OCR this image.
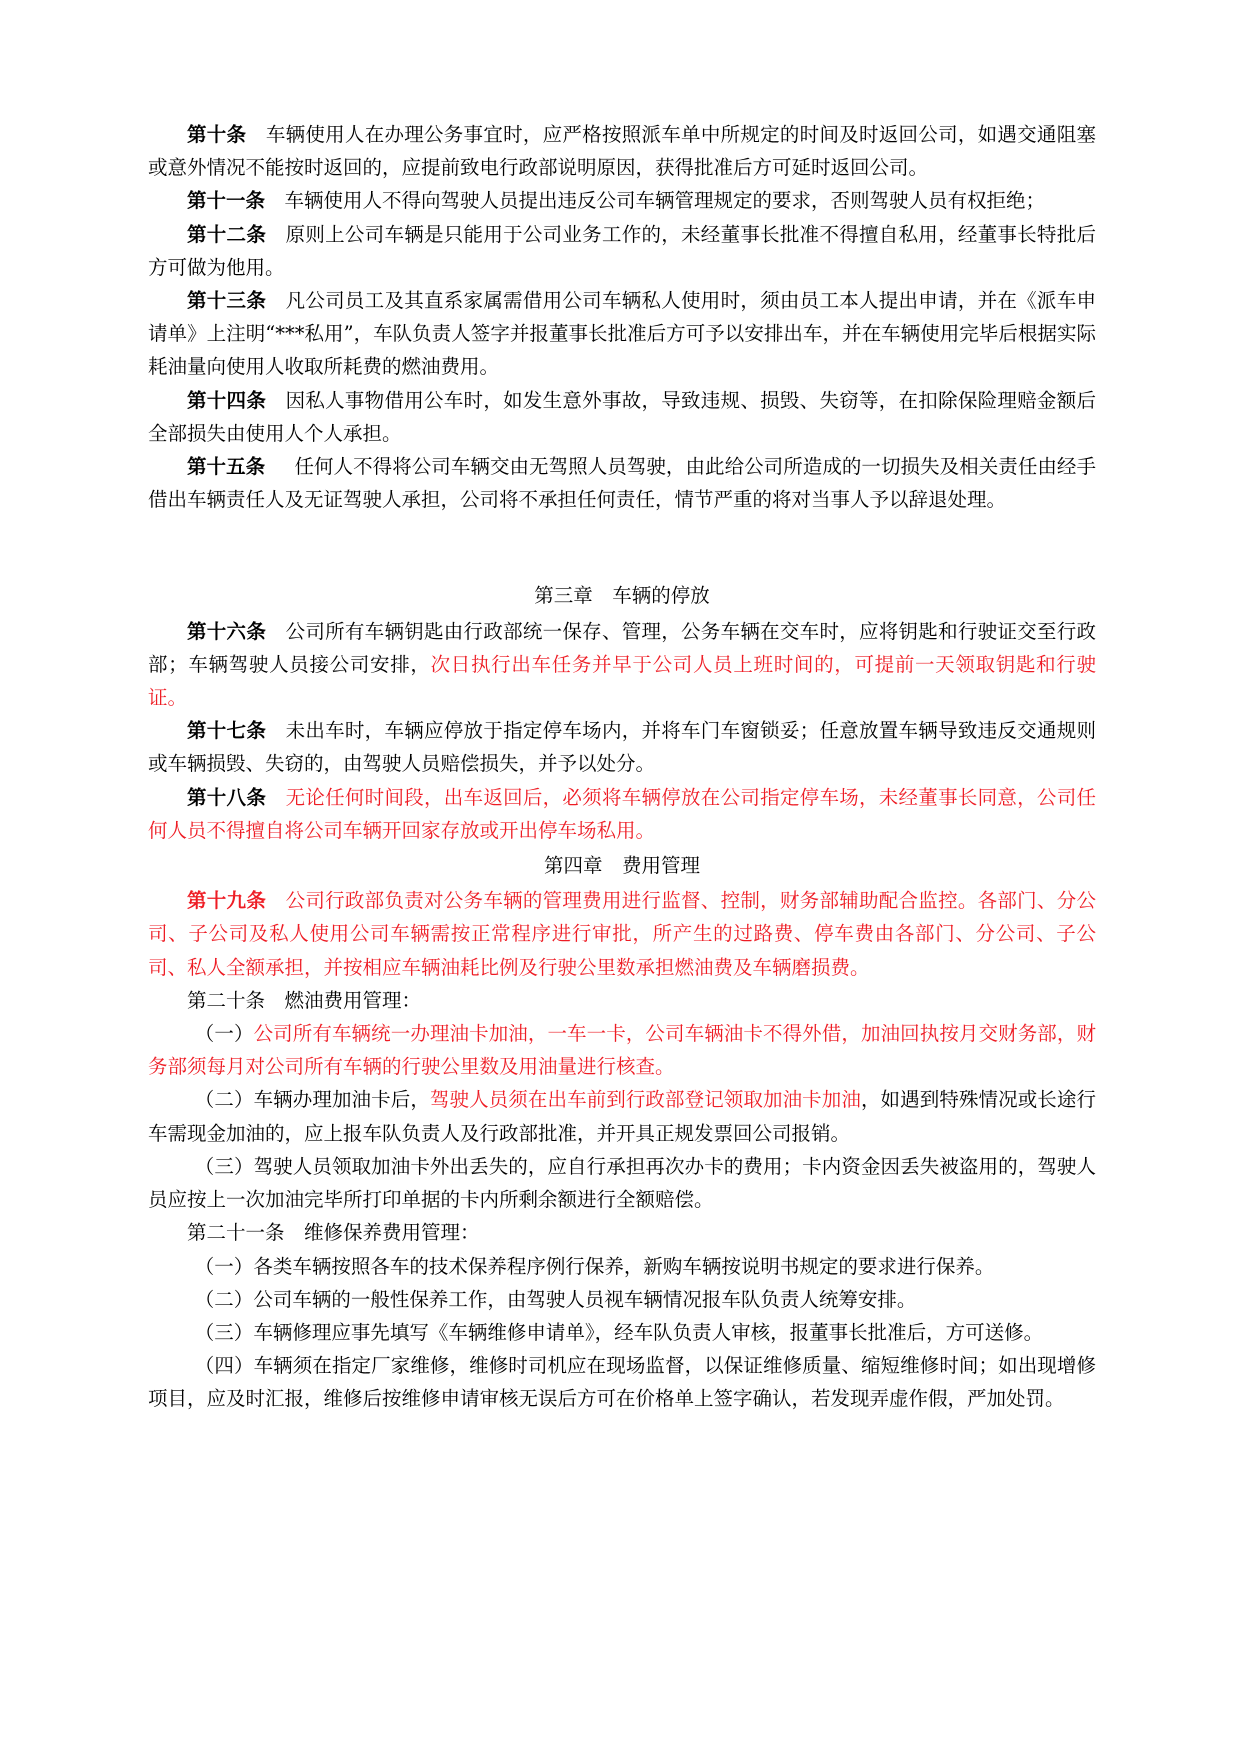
第十条 车辆使用人在办理公务事宜时，应严格按照派车单中所规定的时间及时返回公司，如遇交通阻塞或意外情况不能按时返回的，应提前致电行政部说明原因，获得批准后方可延时返回公司。

第十一条 车辆使用人不得向驾驶人员提出违反公司车辆管理规定的要求，否则驾驶人员有权拒绝；

第十二条 原则上公司车辆是只能用于公司业务工作的，未经董事长批准不得擅自私用，经董事长特批后方可做为他用。

第十三条 凡公司员工及其直系家属需借用公司车辆私人使用时，须由员工本人提出申请，并在《派车申请单》上注明“***私用”，车队负责人签字并报董事长批准后方可予以安排出车，并在车辆使用完毕后根据实际耗油量向使用人收取所耗费的燃油费用。

第十四条 因私人事物借用公车时，如发生意外事故，导致违规、损毁、失窃等，在扣除保险理赔金额后全部损失由使用人个人承担。

第十五条 任何人不得将公司车辆交由无驾照人员驾驶，由此给公司所造成的一切损失及相关责任由经手借出车辆责任人及无证驾驶人承担，公司将不承担任何责任，情节严重的将对当事人予以辞退处理。

第三章　车辆的停放

第十六条 公司所有车辆钥匙由行政部统一保存、管理，公务车辆在交车时，应将钥匙和行驶证交至行政部；车辆驾驶人员接公司安排，次日执行出车任务并早于公司人员上班时间的，可提前一天领取钥匙和行驶证。

第十七条 未出车时，车辆应停放于指定停车场内，并将车门车窗锁妥；任意放置车辆导致违反交通规则或车辆损毁、失窃的，由驾驶人员赔偿损失，并予以处分。

第十八条 无论任何时间段，出车返回后，必须将车辆停放在公司指定停车场，未经董事长同意，公司任何人员不得擅自将公司车辆开回家存放或开出停车场私用。

第四章　费用管理

第十九条 公司行政部负责对公务车辆的管理费用进行监督、控制，财务部辅助配合监控。各部门、分公司、子公司及私人使用公司车辆需按正常程序进行审批，所产生的过路费、停车费由各部门、分公司、子公司、私人全额承担，并按相应车辆油耗比例及行驶公里数承担燃油费及车辆磨损费。

第二十条 燃油费用管理：

（一）公司所有车辆统一办理油卡加油，一车一卡，公司车辆油卡不得外借，加油回执按月交财务部，财务部须每月对公司所有车辆的行驶公里数及用油量进行核查。

（二）车辆办理加油卡后，驾驶人员须在出车前到行政部登记领取加油卡加油，如遇到特殊情况或长途行车需现金加油的，应上报车队负责人及行政部批准，并开具正规发票回公司报销。

（三）驾驶人员领取加油卡外出丢失的，应自行承担再次办卡的费用；卡内资金因丢失被盗用的，驾驶人员应按上一次加油完毕所打印单据的卡内所剩余额进行全额赔偿。

第二十一条 维修保养费用管理：

（一）各类车辆按照各车的技术保养程序例行保养，新购车辆按说明书规定的要求进行保养。

（二）公司车辆的一般性保养工作，由驾驶人员视车辆情况报车队负责人统筹安排。

（三）车辆修理应事先填写《车辆维修申请单》，经车队负责人审核，报董事长批准后，方可送修。

（四）车辆须在指定厂家维修，维修时司机应在现场监督，以保证维修质量、缩短维修时间；如出现增修项目，应及时汇报，维修后按维修申请审核无误后方可在价格单上签字确认，若发现弄虚作假，严加处罚。
